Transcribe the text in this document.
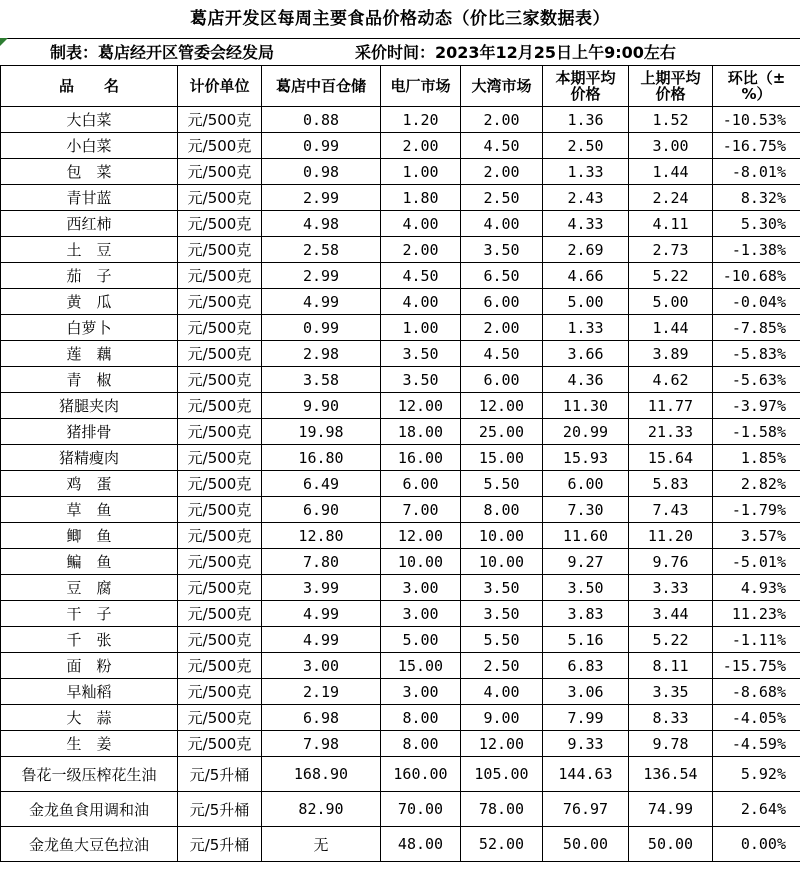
葛店开发区每周主要食品价格动态（价比三家数据表）
制表：葛店经开区管委会经发局	采价时间：2023年12月25日上午9:00左右
品　　名	计价单位	葛店中百仓储	电厂市场	大湾市场	本期平均价格	上期平均价格	环比（±%）
大白菜	元/500克	0.88	1.20	2.00	1.36	1.52	-10.53%
小白菜	元/500克	0.99	2.00	4.50	2.50	3.00	-16.75%
包　菜	元/500克	0.98	1.00	2.00	1.33	1.44	-8.01%
青甘蓝	元/500克	2.99	1.80	2.50	2.43	2.24	8.32%
西红柿	元/500克	4.98	4.00	4.00	4.33	4.11	5.30%
土　豆	元/500克	2.58	2.00	3.50	2.69	2.73	-1.38%
茄　子	元/500克	2.99	4.50	6.50	4.66	5.22	-10.68%
黄　瓜	元/500克	4.99	4.00	6.00	5.00	5.00	-0.04%
白萝卜	元/500克	0.99	1.00	2.00	1.33	1.44	-7.85%
莲　藕	元/500克	2.98	3.50	4.50	3.66	3.89	-5.83%
青　椒	元/500克	3.58	3.50	6.00	4.36	4.62	-5.63%
猪腿夹肉	元/500克	9.90	12.00	12.00	11.30	11.77	-3.97%
猪排骨	元/500克	19.98	18.00	25.00	20.99	21.33	-1.58%
猪精瘦肉	元/500克	16.80	16.00	15.00	15.93	15.64	1.85%
鸡　蛋	元/500克	6.49	6.00	5.50	6.00	5.83	2.82%
草　鱼	元/500克	6.90	7.00	8.00	7.30	7.43	-1.79%
鲫　鱼	元/500克	12.80	12.00	10.00	11.60	11.20	3.57%
鳊　鱼	元/500克	7.80	10.00	10.00	9.27	9.76	-5.01%
豆　腐	元/500克	3.99	3.00	3.50	3.50	3.33	4.93%
干　子	元/500克	4.99	3.00	3.50	3.83	3.44	11.23%
千　张	元/500克	4.99	5.00	5.50	5.16	5.22	-1.11%
面　粉	元/500克	3.00	15.00	2.50	6.83	8.11	-15.75%
早籼稻	元/500克	2.19	3.00	4.00	3.06	3.35	-8.68%
大　蒜	元/500克	6.98	8.00	9.00	7.99	8.33	-4.05%
生　姜	元/500克	7.98	8.00	12.00	9.33	9.78	-4.59%
鲁花一级压榨花生油	元/5升桶	168.90	160.00	105.00	144.63	136.54	5.92%
金龙鱼食用调和油	元/5升桶	82.90	70.00	78.00	76.97	74.99	2.64%
金龙鱼大豆色拉油	元/5升桶	无	48.00	52.00	50.00	50.00	0.00%
